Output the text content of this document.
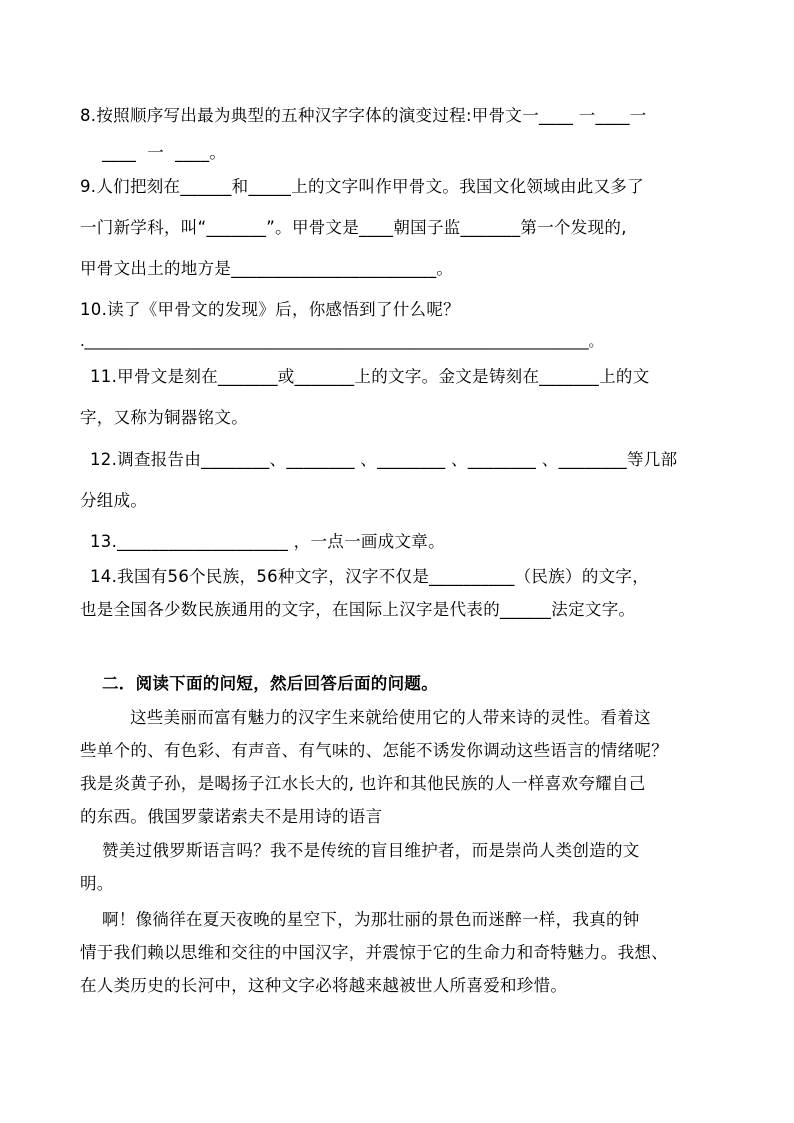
8.按照顺序写出最为典型的五种汉字字体的演变过程:甲骨文一____ 一____一
____  一  ____。
9.人们把刻在______和_____上的文字叫作甲骨文。我国文化领域由此又多了
一门新学科，叫“_______”。甲骨文是____朝国子监_______第一个发现的,
甲骨文出土的地方是________________________。
10.读了《甲骨文的发现》后，你感悟到了什么呢？
.______________________________________________________________________。
11.甲骨文是刻在_______或_______上的文字。金文是铸刻在_______上的文
字，又称为铜器铭文。
12.调查报告由________、________ 、________ 、________ 、________等几部
分组成。
13.____________________ ，一点一画成文章。
14.我国有56个民族，56种文字，汉字不仅是__________（民族）的文字，
也是全国各少数民族通用的文字，在国际上汉字是代表的______法定文字。
二．阅读下面的问短，然后回答后面的问题。
这些美丽而富有魅力的汉字生来就给使用它的人带来诗的灵性。看着这
些单个的、有色彩、有声音、有气味的、怎能不诱发你调动这些语言的情绪呢？
我是炎黄子孙，是喝扬子江水长大的, 也许和其他民族的人一样喜欢夸耀自己
的东西。俄国罗蒙诺索夫不是用诗的语言
赞美过俄罗斯语言吗？我不是传统的盲目维护者，而是崇尚人类创造的文
明。
啊！像徜徉在夏天夜晚的星空下，为那壮丽的景色而迷醉一样，我真的钟
情于我们赖以思维和交往的中国汉字，并震惊于它的生命力和奇特魅力。我想、
在人类历史的长河中，这种文字必将越来越被世人所喜爱和珍惜。
